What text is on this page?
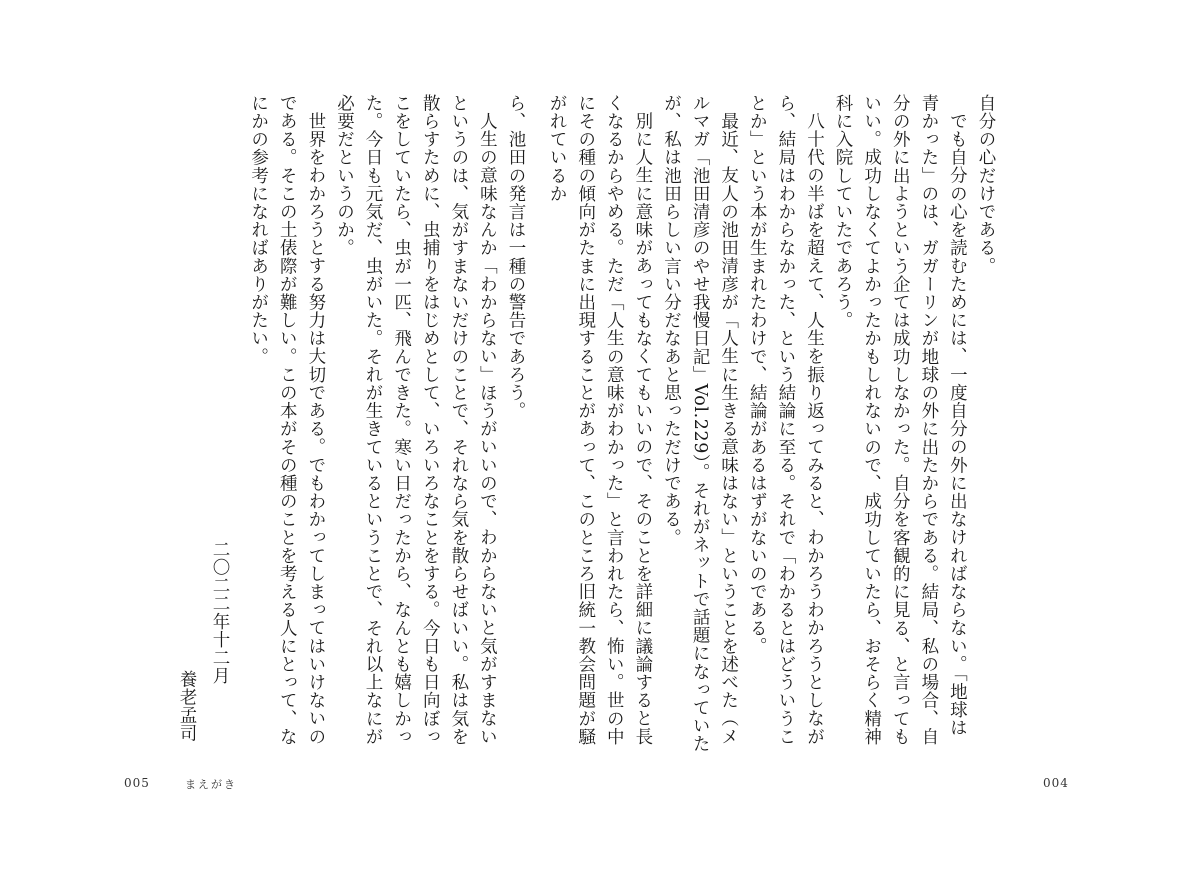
自分の心だけである。

でも自分の心を読むためには、一度自分の外に出なければならない。「地球は青かった」のは、ガガーリンが地球の外に出たからである。結局、私の場合、自分の外に出ようという企ては成功しなかった。自分を客観的に見る、と言ってもいい。成功しなくてよかったかもしれないので、成功していたら、おそらく精神科に入院していたであろう。

八十代の半ばを超えて、人生を振り返ってみると、わかろうわかろうとしながら、結局はわからなかった、という結論に至る。それで「わかるとはどういうことか」という本が生まれたわけで、結論があるはずがないのである。

最近、友人の池田清彦が「人生に生きる意味はない」ということを述べた（メルマガ「池田清彦のやせ我慢日記」Vol.229）。それがネットで話題になっていたが、私は池田らしい言い分だなあと思っただけである。

別に人生に意味があってもなくてもいいので、そのことを詳細に議論すると長くなるからやめる。ただ「人生の意味がわかった」と言われたら、怖い。世の中にその種の傾向がたまに出現することがあって、このところ旧統一教会問題が騒がれているか

ら、池田の発言は一種の警告であろう。

人生の意味なんか「わからない」ほうがいいので、わからないと気がすまないというのは、気がすまないだけのことで、それなら気を散らせばいい。私は気を散らすために、虫捕りをはじめとして、いろいろなことをする。今日も日向ぼっこをしていたら、虫が一匹、飛んできた。寒い日だったから、なんとも嬉しかった。今日も元気だ、虫がいた。それが生きているということで、それ以上なにが必要だというのか。

世界をわかろうとする努力は大切である。でもわかってしまってはいけないのである。そこの土俵際が難しい。この本がその種のことを考える人にとって、なにかの参考になればありがたい。

二〇二二年十二月
養老孟司
005	まえがき	004
